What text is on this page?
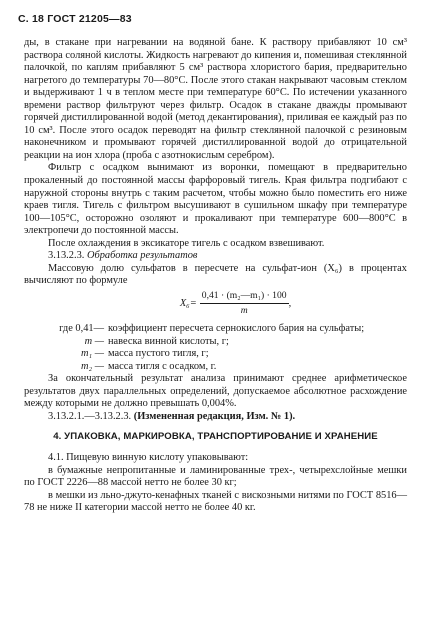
С. 18 ГОСТ 21205—83

ды, в стакане при нагревании на водяной бане. К раствору прибавляют 10 см³ раствора соляной кислоты. Жидкость нагревают до кипения и, помешивая стеклянной палочкой, по каплям прибавляют 5 см³ раствора хлористого бария, предварительно нагретого до температуры 70—80°С. После этого стакан накрывают часовым стеклом и выдерживают 1 ч в теплом месте при температуре 60°С. По истечении указанного времени раствор фильтруют через фильтр. Осадок в стакане дважды промывают горячей дистиллированной водой (метод декантирования), приливая ее каждый раз по 10 см³. После этого осадок переводят на фильтр стеклянной палочкой с резиновым наконечником и промывают горячей дистиллированной водой до отрицательной реакции на ион хлора (проба с азотнокислым серебром).

Фильтр с осадком вынимают из воронки, помещают в предварительно прокаленный до постоянной массы фарфоровый тигель. Края фильтра подгибают с наружной стороны внутрь с таким расчетом, чтобы можно было поместить его ниже краев тигля. Тигель с фильтром высушивают в сушильном шкафу при температуре 100—105°С, осторожно озоляют и прокаливают при температуре 600—800°С в электропечи до постоянной массы.

После охлаждения в эксикаторе тигель с осадком взвешивают.

3.13.2.3. Обработка результатов

Массовую долю сульфатов в пересчете на сульфат-ион (X₆) в процентах вычисляют по формуле

$X_6= \frac{\text{0,41 · (m₂—m₁) · 100}}{m}$ ,
где 0,41— коэффициент пересчета сернокислого бария на сульфаты;
m — навеска винной кислоты, г;
m₁ — масса пустого тигля, г;
m₂ — масса тигля с осадком, г.

За окончательный результат анализа принимают среднее арифметическое результатов двух параллельных определений, допускаемое абсолютное расхождение между которыми не должно превышать 0,004%.

3.13.2.1.—3.13.2.3. (Измененная редакция, Изм. № 1).

4. УПАКОВКА, МАРКИРОВКА, ТРАНСПОРТИРОВАНИЕ И ХРАНЕНИЕ

4.1. Пищевую винную кислоту упаковывают:

в бумажные непропитанные и ламинированные трех-, четырехслойные мешки по ГОСТ 2226—88 массой нетто не более 30 кг;

в мешки из льно-джуто-кенафных тканей с вискозными нитями по ГОСТ 8516—78 не ниже II категории массой нетто не более 40 кг.
